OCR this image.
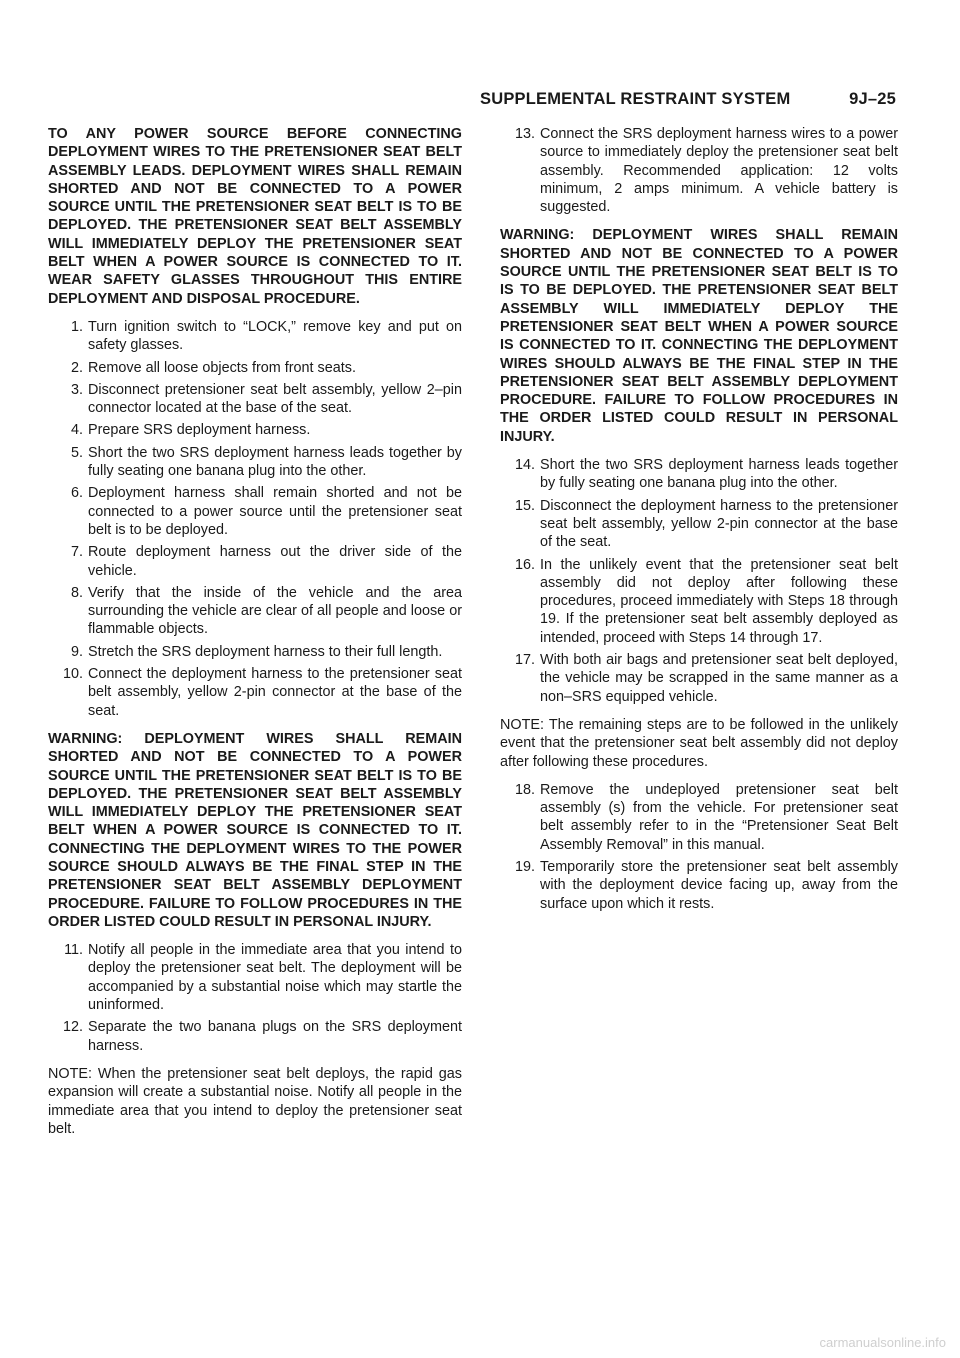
SUPPLEMENTAL RESTRAINT SYSTEM	9J–25

TO ANY POWER SOURCE BEFORE CONNECTING DEPLOYMENT WIRES TO THE PRETENSIONER SEAT BELT ASSEMBLY LEADS. DEPLOYMENT WIRES SHALL REMAIN SHORTED AND NOT BE CONNECTED TO A POWER SOURCE UNTIL THE PRETENSIONER SEAT BELT IS TO BE DEPLOYED. THE PRETENSIONER SEAT BELT ASSEMBLY WILL IMMEDIATELY DEPLOY THE PRETENSIONER SEAT BELT WHEN A POWER SOURCE IS CONNECTED TO IT. WEAR SAFETY GLASSES THROUGHOUT THIS ENTIRE DEPLOYMENT AND DISPOSAL PROCEDURE.

1. Turn ignition switch to “LOCK,” remove key and put on safety glasses.
2. Remove all loose objects from front seats.
3. Disconnect pretensioner seat belt assembly, yellow 2–pin connector located at the base of the seat.
4. Prepare SRS deployment harness.
5. Short the two SRS deployment harness leads together by fully seating one banana plug into the other.
6. Deployment harness shall remain shorted and not be connected to a power source until the pretensioner seat belt is to be deployed.
7. Route deployment harness out the driver side of the vehicle.
8. Verify that the inside of the vehicle and the area surrounding the vehicle are clear of all people and loose or flammable objects.
9. Stretch the SRS deployment harness to their full length.
10. Connect the deployment harness to the pretensioner seat belt assembly, yellow 2-pin connector at the base of the seat.

WARNING: DEPLOYMENT WIRES SHALL REMAIN SHORTED AND NOT BE CONNECTED TO A POWER SOURCE UNTIL THE PRETENSIONER SEAT BELT IS TO BE DEPLOYED. THE PRETENSIONER SEAT BELT ASSEMBLY WILL IMMEDIATELY DEPLOY THE PRETENSIONER SEAT BELT WHEN A POWER SOURCE IS CONNECTED TO IT. CONNECTING THE DEPLOYMENT WIRES TO THE POWER SOURCE SHOULD ALWAYS BE THE FINAL STEP IN THE PRETENSIONER SEAT BELT ASSEMBLY DEPLOYMENT PROCEDURE. FAILURE TO FOLLOW PROCEDURES IN THE ORDER LISTED COULD RESULT IN PERSONAL INJURY.

11. Notify all people in the immediate area that you intend to deploy the pretensioner seat belt. The deployment will be accompanied by a substantial noise which may startle the uninformed.
12. Separate the two banana plugs on the SRS deployment harness.

NOTE: When the pretensioner seat belt deploys, the rapid gas expansion will create a substantial noise. Notify all people in the immediate area that you intend to deploy the pretensioner seat belt.

13. Connect the SRS deployment harness wires to a power source to immediately deploy the pretensioner seat belt assembly. Recommended application: 12 volts minimum, 2 amps minimum. A vehicle battery is suggested.

WARNING: DEPLOYMENT WIRES SHALL REMAIN SHORTED AND NOT BE CONNECTED TO A POWER SOURCE UNTIL THE PRETENSIONER SEAT BELT IS TO IS TO BE DEPLOYED. THE PRETENSIONER SEAT BELT ASSEMBLY WILL IMMEDIATELY DEPLOY THE PRETENSIONER SEAT BELT WHEN A POWER SOURCE IS CONNECTED TO IT. CONNECTING THE DEPLOYMENT WIRES SHOULD ALWAYS BE THE FINAL STEP IN THE PRETENSIONER SEAT BELT ASSEMBLY DEPLOYMENT PROCEDURE. FAILURE TO FOLLOW PROCEDURES IN THE ORDER LISTED COULD RESULT IN PERSONAL INJURY.

14. Short the two SRS deployment harness leads together by fully seating one banana plug into the other.
15. Disconnect the deployment harness to the pretensioner seat belt assembly, yellow 2-pin connector at the base of the seat.
16. In the unlikely event that the pretensioner seat belt assembly did not deploy after following these procedures, proceed immediately with Steps 18 through 19. If the pretensioner seat belt assembly deployed as intended, proceed with Steps 14 through 17.
17. With both air bags and pretensioner seat belt deployed, the vehicle may be scrapped in the same manner as a non–SRS equipped vehicle.

NOTE: The remaining steps are to be followed in the unlikely event that the pretensioner seat belt assembly did not deploy after following these procedures.

18. Remove the undeployed pretensioner seat belt assembly (s) from the vehicle. For pretensioner seat belt assembly refer to in the “Pretensioner Seat Belt Assembly Removal” in this manual.
19. Temporarily store the pretensioner seat belt assembly with the deployment device facing up, away from the surface upon which it rests.
carmanualsonline.info
